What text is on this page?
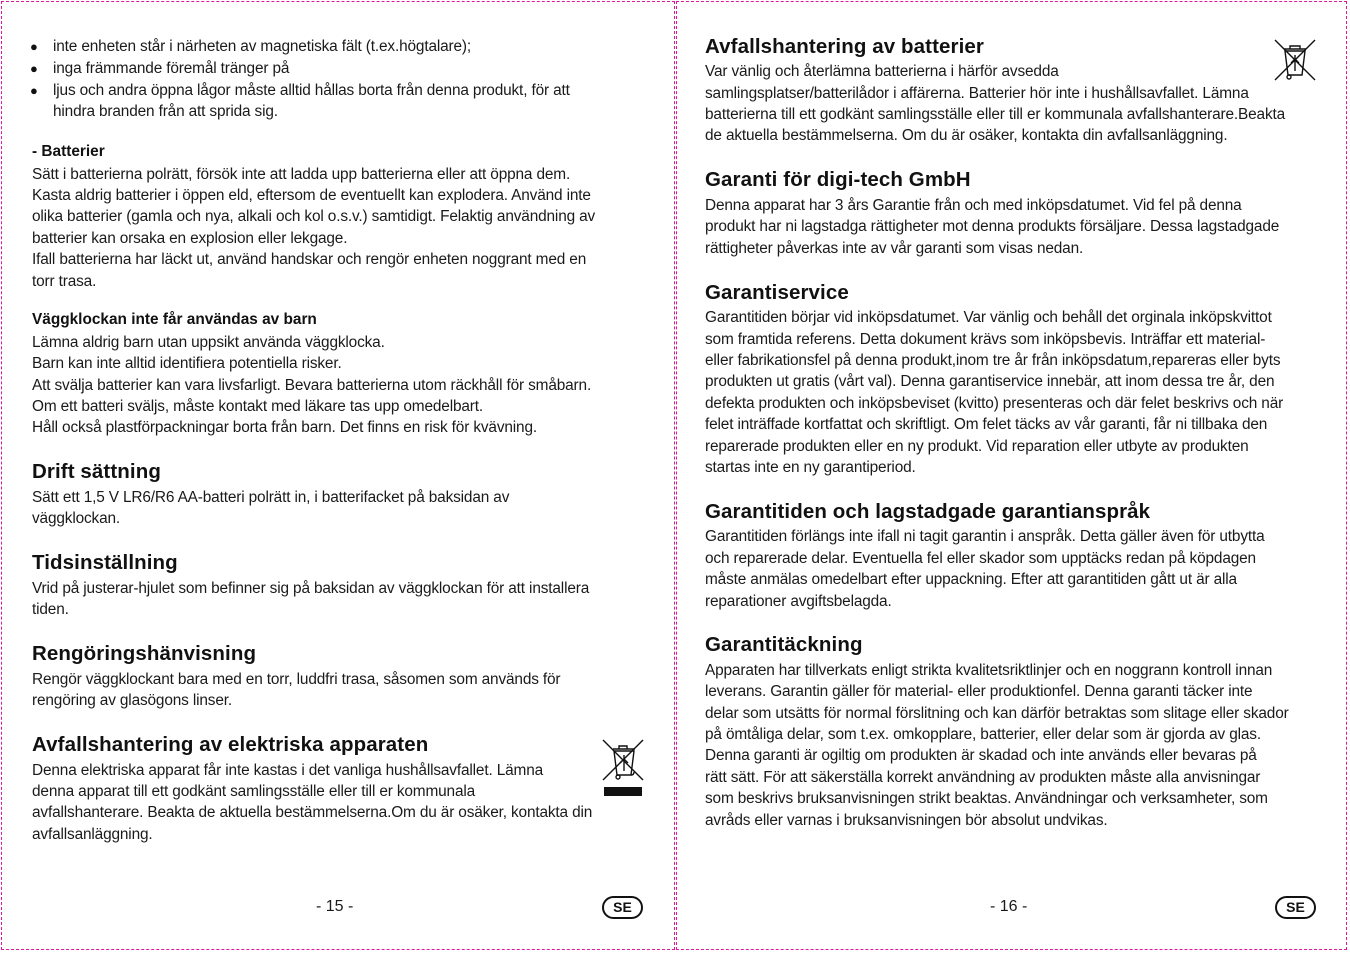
● inte enheten står i närheten av magnetiska fält (t.ex.högtalare);
● inga främmande föremål tränger på
● ljus och andra öppna lågor måste alltid hållas borta från denna produkt, för att
hindra branden från att sprida sig.
- Batterier
Sätt i batterierna polrätt, försök inte att ladda upp batterierna eller att öppna dem.
Kasta aldrig batterier i öppen eld, eftersom de eventuellt kan explodera. Använd inte
olika batterier (gamla och nya, alkali och kol o.s.v.) samtidigt. Felaktig användning av
batterier kan orsaka en explosion eller lekgage.
Ifall batterierna har läckt ut, använd handskar och rengör enheten noggrant med en
torr trasa.
Väggklockan inte får användas av barn
Lämna aldrig barn utan uppsikt använda väggklocka.
Barn kan inte alltid identifiera potentiella risker.
Att svälja batterier kan vara livsfarligt. Bevara batterierna utom räckhåll för småbarn.
Om ett batteri sväljs, måste kontakt med läkare tas upp omedelbart.
Håll också plastförpackningar borta från barn. Det finns en risk för kvävning.
Drift sättning
Sätt ett 1,5 V LR6/R6 AA-batteri polrätt in, i batterifacket på baksidan av
väggklockan.
Tidsinställning
Vrid på justerar-hjulet som befinner sig på baksidan av väggklockan för att installera
tiden.
Rengöringshänvisning
Rengör väggklockant bara med en torr, luddfri trasa, såsomen som används för
rengöring av glasögons linser.
Avfallshantering av elektriska apparaten
Denna elektriska apparat får inte kastas i det vanliga hushållsavfallet. Lämna
denna apparat till ett godkänt samlingsställe eller till er kommunala
avfallshanterare. Beakta de aktuella bestämmelserna.Om du är osäker, kontakta din
avfallsanläggning.
- 15 -	SE
Avfallshantering av batterier
Var vänlig och återlämna batterierna i härför avsedda
samlingsplatser/batterilådor i affärerna. Batterier hör inte i hushållsavfallet. Lämna
batterierna till ett godkänt samlingsställe eller till er kommunala avfallshanterare.Beakta
de aktuella bestämmelserna. Om du är osäker, kontakta din avfallsanläggning.
Garanti för digi-tech GmbH
Denna apparat har 3 års Garantie från och med inköpsdatumet. Vid fel på denna
produkt har ni lagstadga rättigheter mot denna produkts försäljare. Dessa lagstadgade
rättigheter påverkas inte av vår garanti som visas nedan.
Garantiservice
Garantitiden börjar vid inköpsdatumet. Var vänlig och behåll det orginala inköpskvittot
som framtida referens. Detta dokument krävs som inköpsbevis. Inträffar ett material-
eller fabrikationsfel på denna produkt,inom tre år från inköpsdatum,repareras eller byts
produkten ut gratis (vårt val). Denna garantiservice innebär, att inom dessa tre år, den
defekta produkten och inköpsbeviset (kvitto) presenteras och där felet beskrivs och när
felet inträffade kortfattat och skriftligt. Om felet täcks av vår garanti, får ni tillbaka den
reparerade produkten eller en ny produkt. Vid reparation eller utbyte av produkten
startas inte en ny garantiperiod.
Garantitiden och lagstadgade garantianspråk
Garantitiden förlängs inte ifall ni tagit garantin i anspråk. Detta gäller även för utbytta
och reparerade delar. Eventuella fel eller skador som upptäcks redan på köpdagen
måste anmälas omedelbart efter uppackning. Efter att garantitiden gått ut är alla
reparationer avgiftsbelagda.
Garantitäckning
Apparaten har tillverkats enligt strikta kvalitetsriktlinjer och en noggrann kontroll innan
leverans. Garantin gäller för material- eller produktionfel. Denna garanti täcker inte
delar som utsätts för normal förslitning och kan därför betraktas som slitage eller skador
på ömtåliga delar, som t.ex. omkopplare, batterier, eller delar som är gjorda av glas.
Denna garanti är ogiltig om produkten är skadad och inte används eller bevaras på
rätt sätt. För att säkerställa korrekt användning av produkten måste alla anvisningar
som beskrivs bruksanvisningen strikt beaktas. Användningar och verksamheter, som
avråds eller varnas i bruksanvisningen bör absolut undvikas.
- 16 -	SE
